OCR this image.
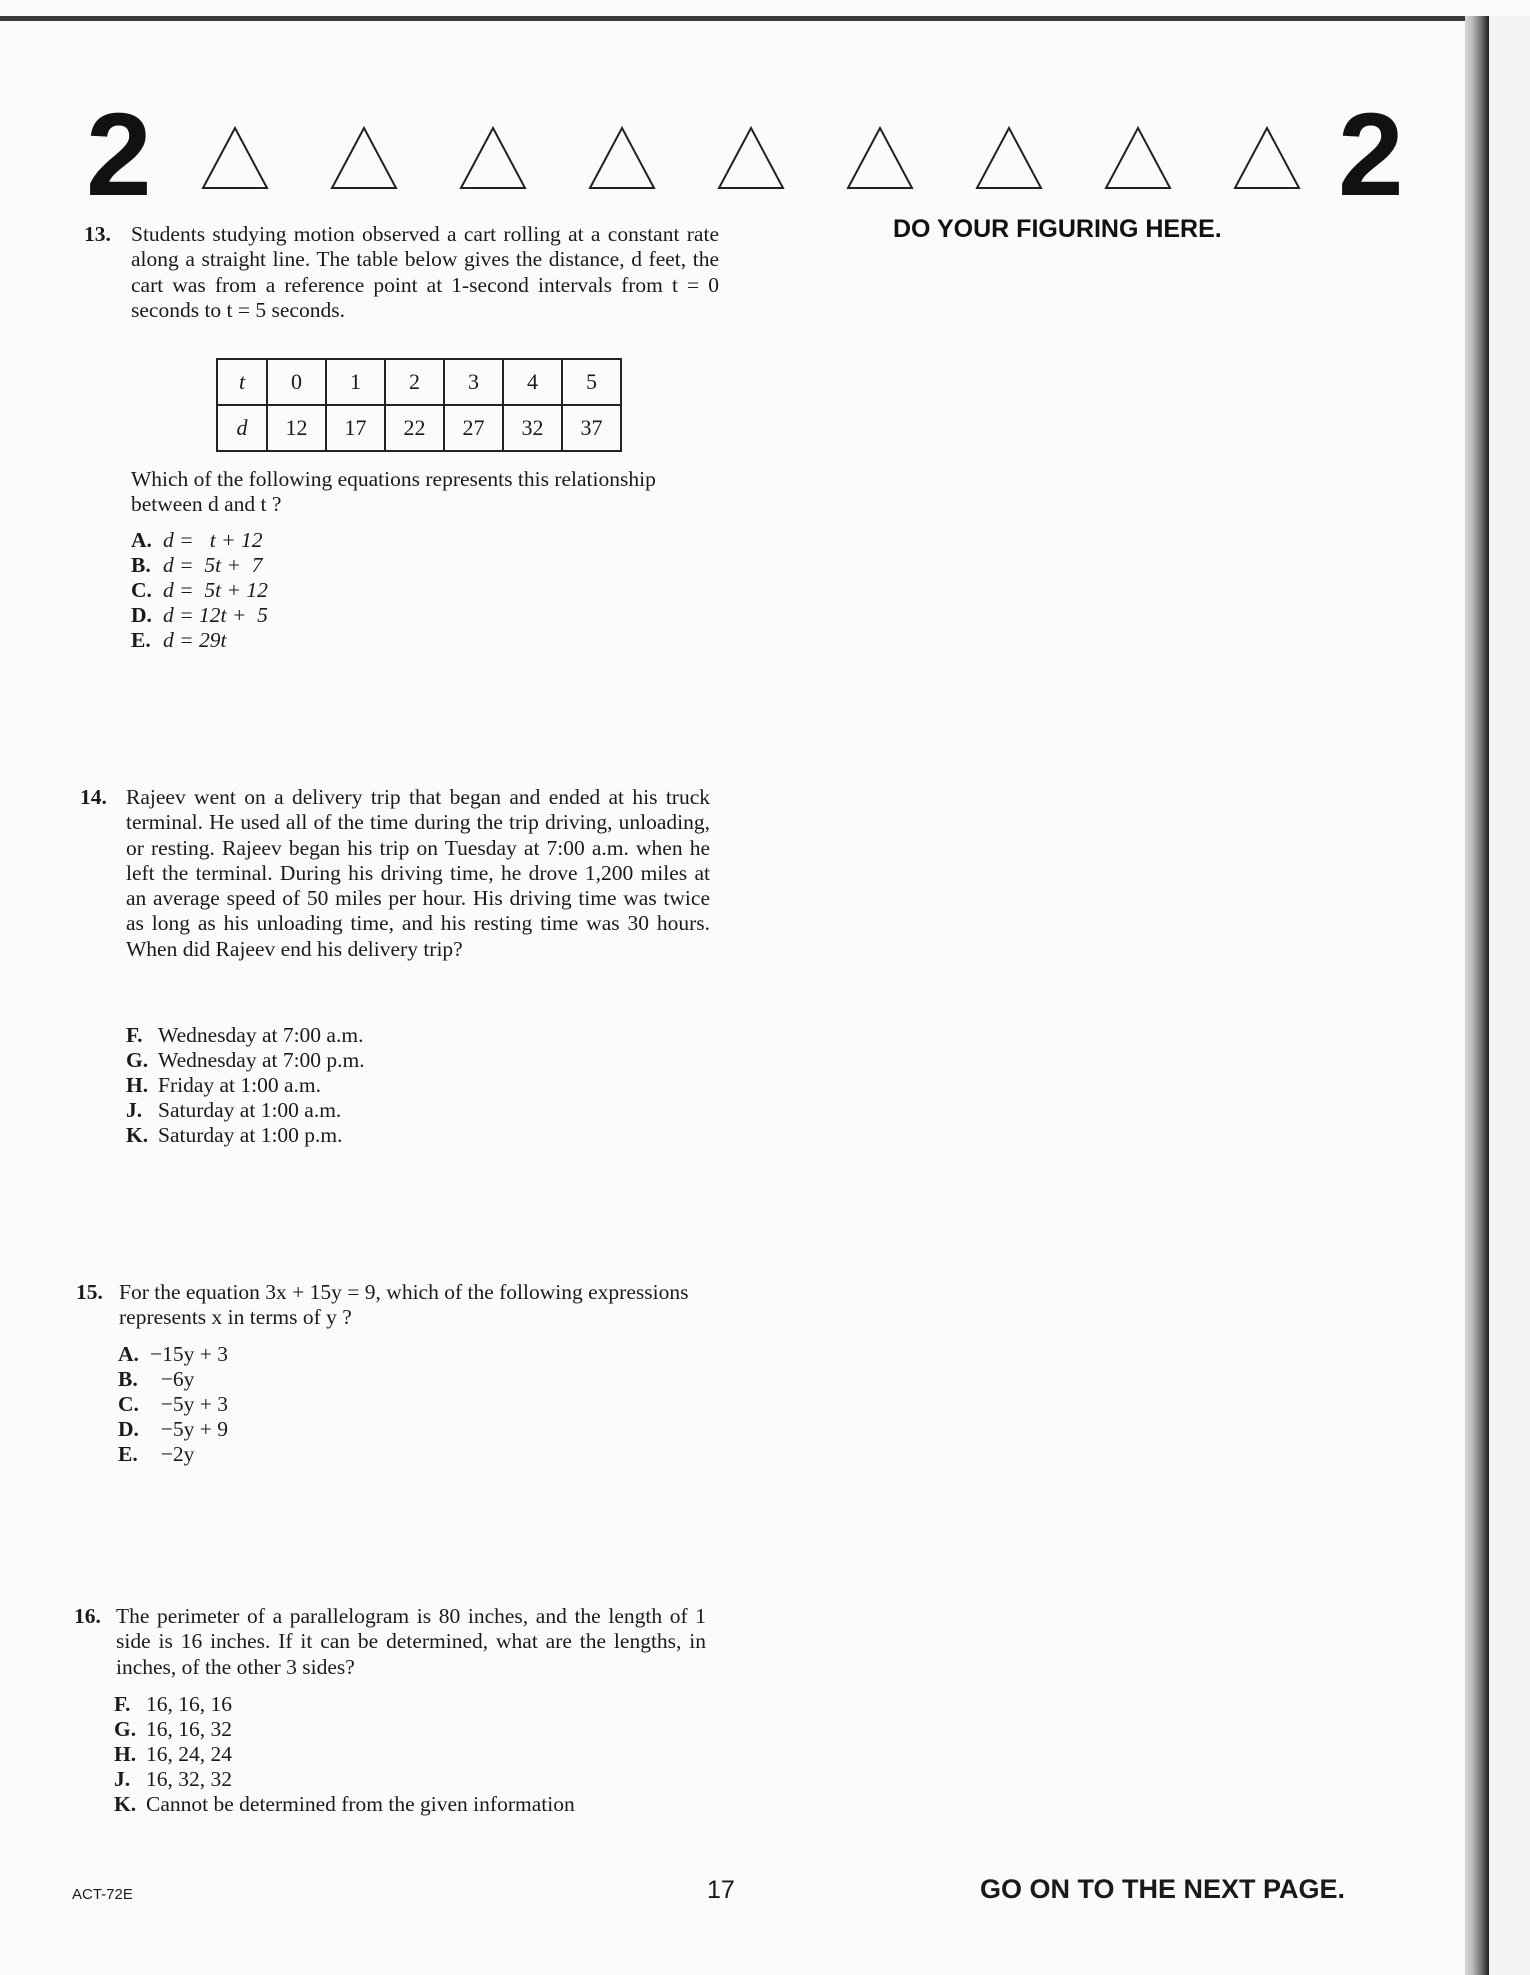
2	2
DO YOUR FIGURING HERE.
13. Students studying motion observed a cart rolling at a constant rate along a straight line. The table below gives the distance, d feet, the cart was from a reference point at 1-second intervals from t = 0 seconds to t = 5 seconds.
t	0	1	2	3	4	5
d	12	17	22	27	32	37
Which of the following equations represents this relationship between d and t ?
A. d =   t + 12
B. d =  5t +  7
C. d =  5t + 12
D. d = 12t +  5
E. d = 29t
14. Rajeev went on a delivery trip that began and ended at his truck terminal. He used all of the time during the trip driving, unloading, or resting. Rajeev began his trip on Tuesday at 7:00 a.m. when he left the terminal. During his driving time, he drove 1,200 miles at an average speed of 50 miles per hour. His driving time was twice as long as his unloading time, and his resting time was 30 hours. When did Rajeev end his delivery trip?
F. Wednesday at 7:00 a.m.
G. Wednesday at 7:00 p.m.
H. Friday at 1:00 a.m.
J. Saturday at 1:00 a.m.
K. Saturday at 1:00 p.m.
15. For the equation 3x + 15y = 9, which of the following expressions represents x in terms of y ?
A. −15y + 3
B.  −6y
C.  −5y + 3
D.  −5y + 9
E.  −2y
16. The perimeter of a parallelogram is 80 inches, and the length of 1 side is 16 inches. If it can be determined, what are the lengths, in inches, of the other 3 sides?
F. 16, 16, 16
G. 16, 16, 32
H. 16, 24, 24
J. 16, 32, 32
K. Cannot be determined from the given information
ACT-72E	17	GO ON TO THE NEXT PAGE.
